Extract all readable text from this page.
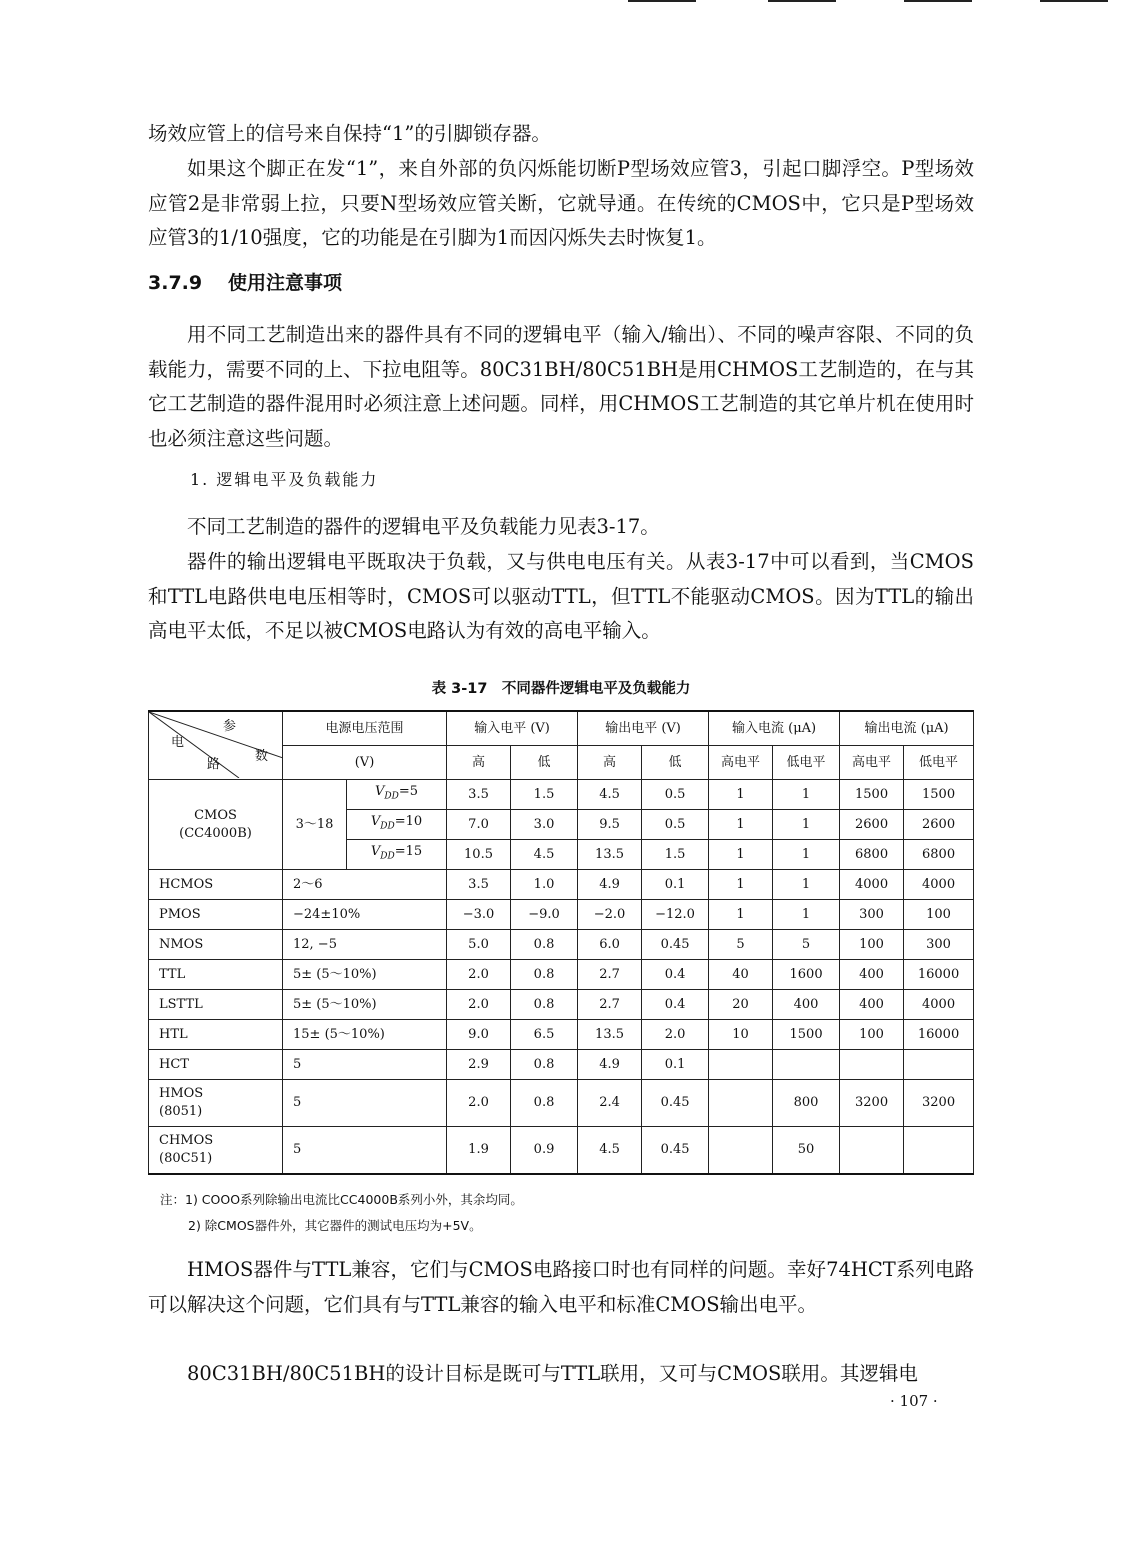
场效应管上的信号来自保持“1”的引脚锁存器。

如果这个脚正在发“1”，来自外部的负闪烁能切断P型场效应管3，引起口脚浮空。P型场效应管2是非常弱上拉，只要N型场效应管关断，它就导通。在传统的CMOS中，它只是P型场效应管3的1/10强度，它的功能是在引脚为1而因闪烁失去时恢复1。

3.7.9 使用注意事项

用不同工艺制造出来的器件具有不同的逻辑电平（输入/输出）、不同的噪声容限、不同的负载能力，需要不同的上、下拉电阻等。80C31BH/80C51BH是用CHMOS工艺制造的，在与其它工艺制造的器件混用时必须注意上述问题。同样，用CHMOS工艺制造的其它单片机在使用时也必须注意这些问题。

1. 逻辑电平及负载能力

不同工艺制造的器件的逻辑电平及负载能力见表3-17。

器件的输出逻辑电平既取决于负载，又与供电电压有关。从表3-17中可以看到，当CMOS和TTL电路供电电压相等时，CMOS可以驱动TTL，但TTL不能驱动CMOS。因为TTL的输出高电平太低，不足以被CMOS电路认为有效的高电平输入。

表 3-17　不同器件逻辑电平及负载能力
参
电
数
路	电源电压范围		输入电平 (V)		输出电平 (V)		输入电流 (μA)		输出电流 (μA)	
	(V)		高	低	高	低	高电平	低电平	高电平	低电平

CMOS
(CC4000B)	3～18	$V_{DD}=5$	3.5	1.5	4.5	0.5	1	1	1500	1500
		$V_{DD}=10$	7.0	3.0	9.5	0.5	1	1	2600	2600
		$V_{DD}=15$	10.5	4.5	13.5	1.5	1	1	6800	6800
HCMOS	2～6		3.5	1.0	4.9	0.1	1	1	4000	4000
PMOS	−24±10%		−3.0	−9.0	−2.0	−12.0	1	1	300	100
NMOS	12, −5		5.0	0.8	6.0	0.45	5	5	100	300
TTL	5± (5～10%)		2.0	0.8	2.7	0.4	40	1600	400	16000
LSTTL	5± (5～10%)		2.0	0.8	2.7	0.4	20	400	400	4000
HTL	15± (5～10%)		9.0	6.5	13.5	2.0	10	1500	100	16000
HCT	5		2.9	0.8	4.9	0.1				

HMOS
(8051)	5		2.0	0.8	2.4	0.45		800	3200	3200

CHMOS
(80C51)	5		1.9	0.9	4.5	0.45		50		

注：1) COOO系列除输出电流比CC4000B系列小外，其余均同。

2) 除CMOS器件外，其它器件的测试电压均为+5V。

HMOS器件与TTL兼容，它们与CMOS电路接口时也有同样的问题。幸好74HCT系列电路可以解决这个问题，它们具有与TTL兼容的输入电平和标准CMOS输出电平。

80C31BH/80C51BH的设计目标是既可与TTL联用，又可与CMOS联用。其逻辑电

· 107 ·
